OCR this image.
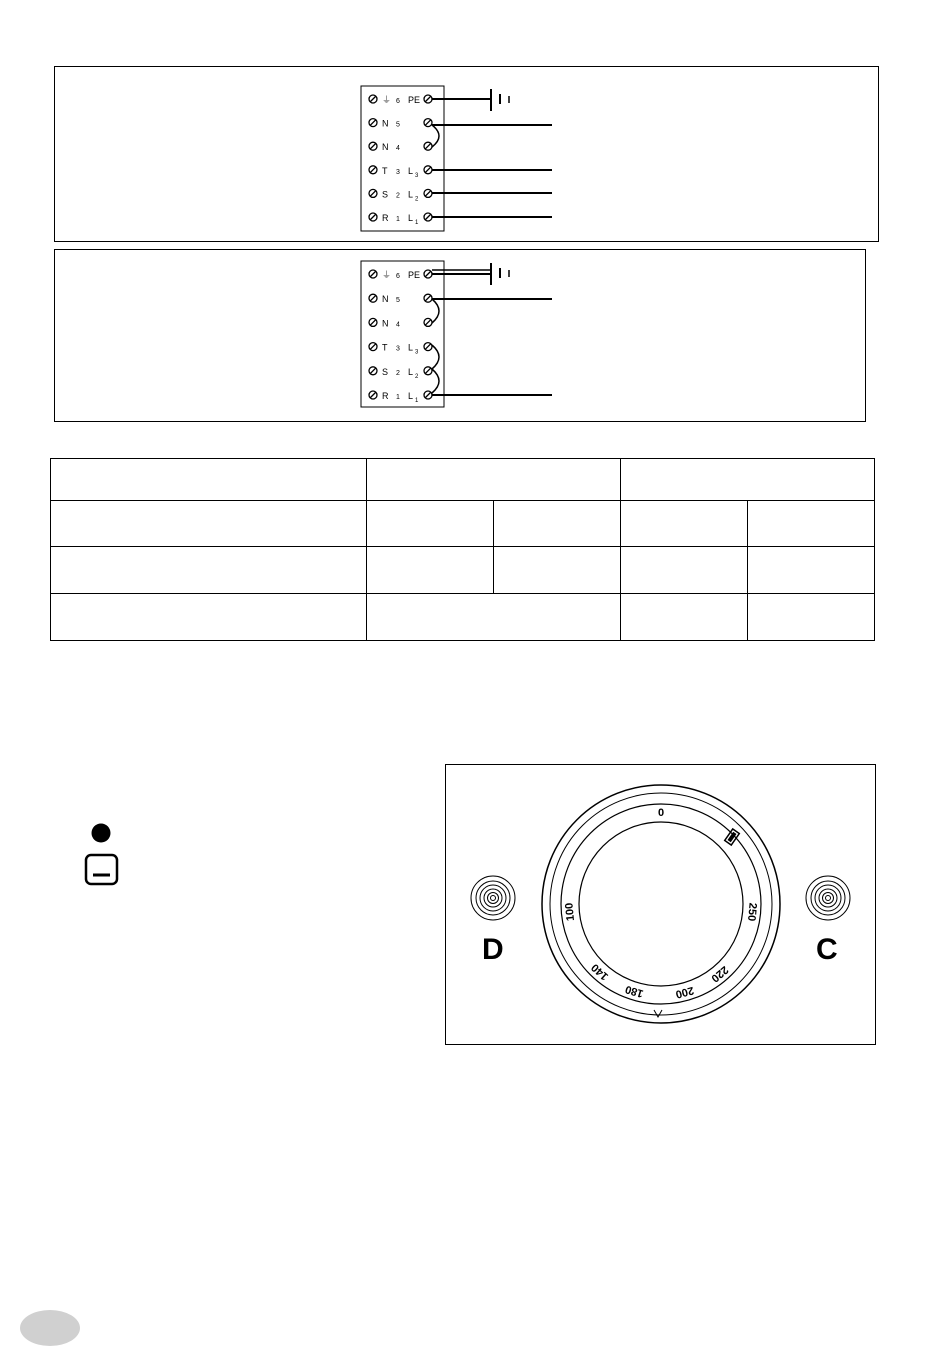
⏚ 6 PE
N 5
N 4
T 3 L 3
S 2 L 2
R 1 L 1
⏚ 6 PE
N 5
N 4
T 3 L 3
S 2 L 2
R 1 L 1
0
100
140
180	200
220
250
D	C
